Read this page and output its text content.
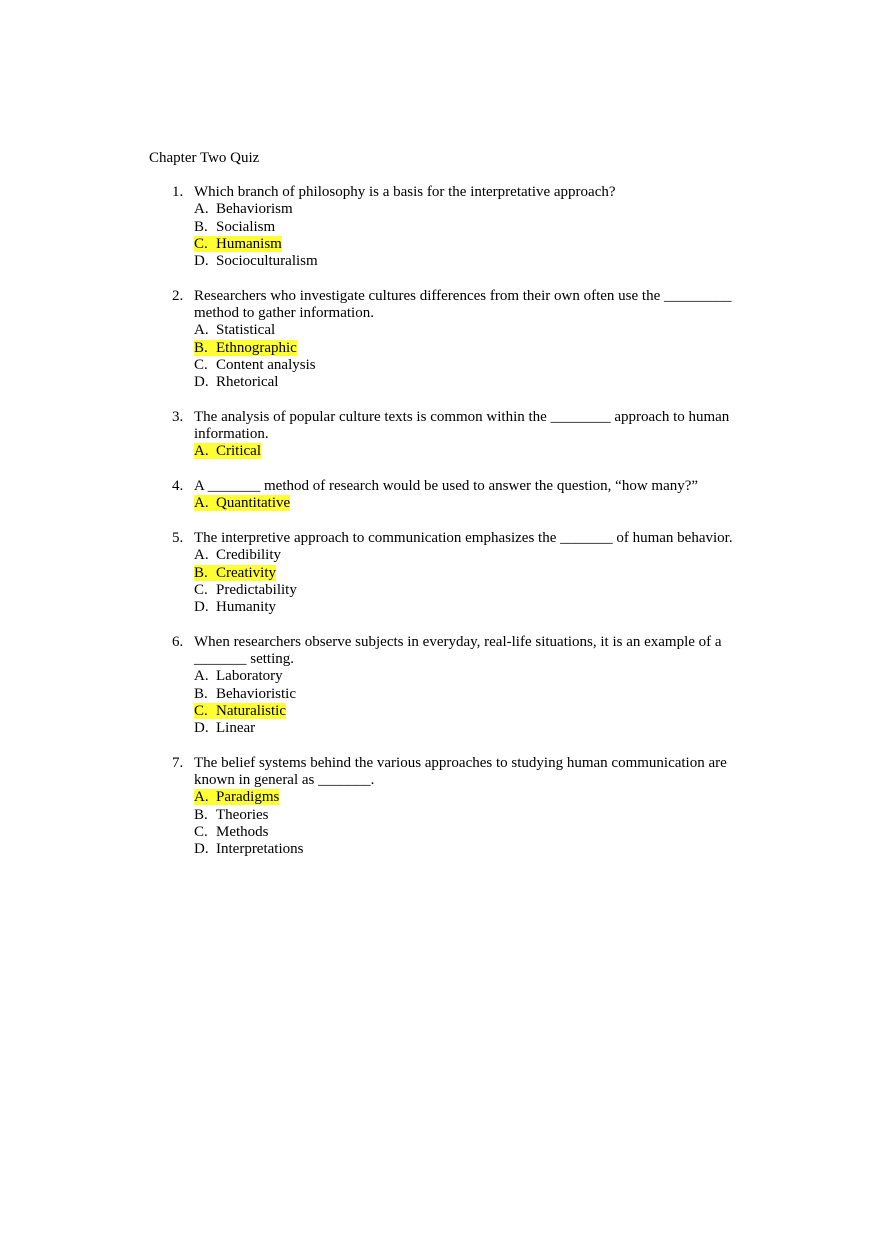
Chapter Two Quiz
1. Which branch of philosophy is a basis for the interpretative approach?
A. Behaviorism
B. Socialism
C. Humanism
D. Socioculturalism
2. Researchers who investigate cultures differences from their own often use the _________ method to gather information.
A. Statistical
B. Ethnographic
C. Content analysis
D. Rhetorical
3. The analysis of popular culture texts is common within the ________ approach to human information.
A. Critical
4. A _______ method of research would be used to answer the question, “how many?”
A. Quantitative
5. The interpretive approach to communication emphasizes the _______ of human behavior.
A. Credibility
B. Creativity
C. Predictability
D. Humanity
6. When researchers observe subjects in everyday, real-life situations, it is an example of a _______ setting.
A. Laboratory
B. Behavioristic
C. Naturalistic
D. Linear
7. The belief systems behind the various approaches to studying human communication are known in general as _______.
A. Paradigms
B. Theories
C. Methods
D. Interpretations
